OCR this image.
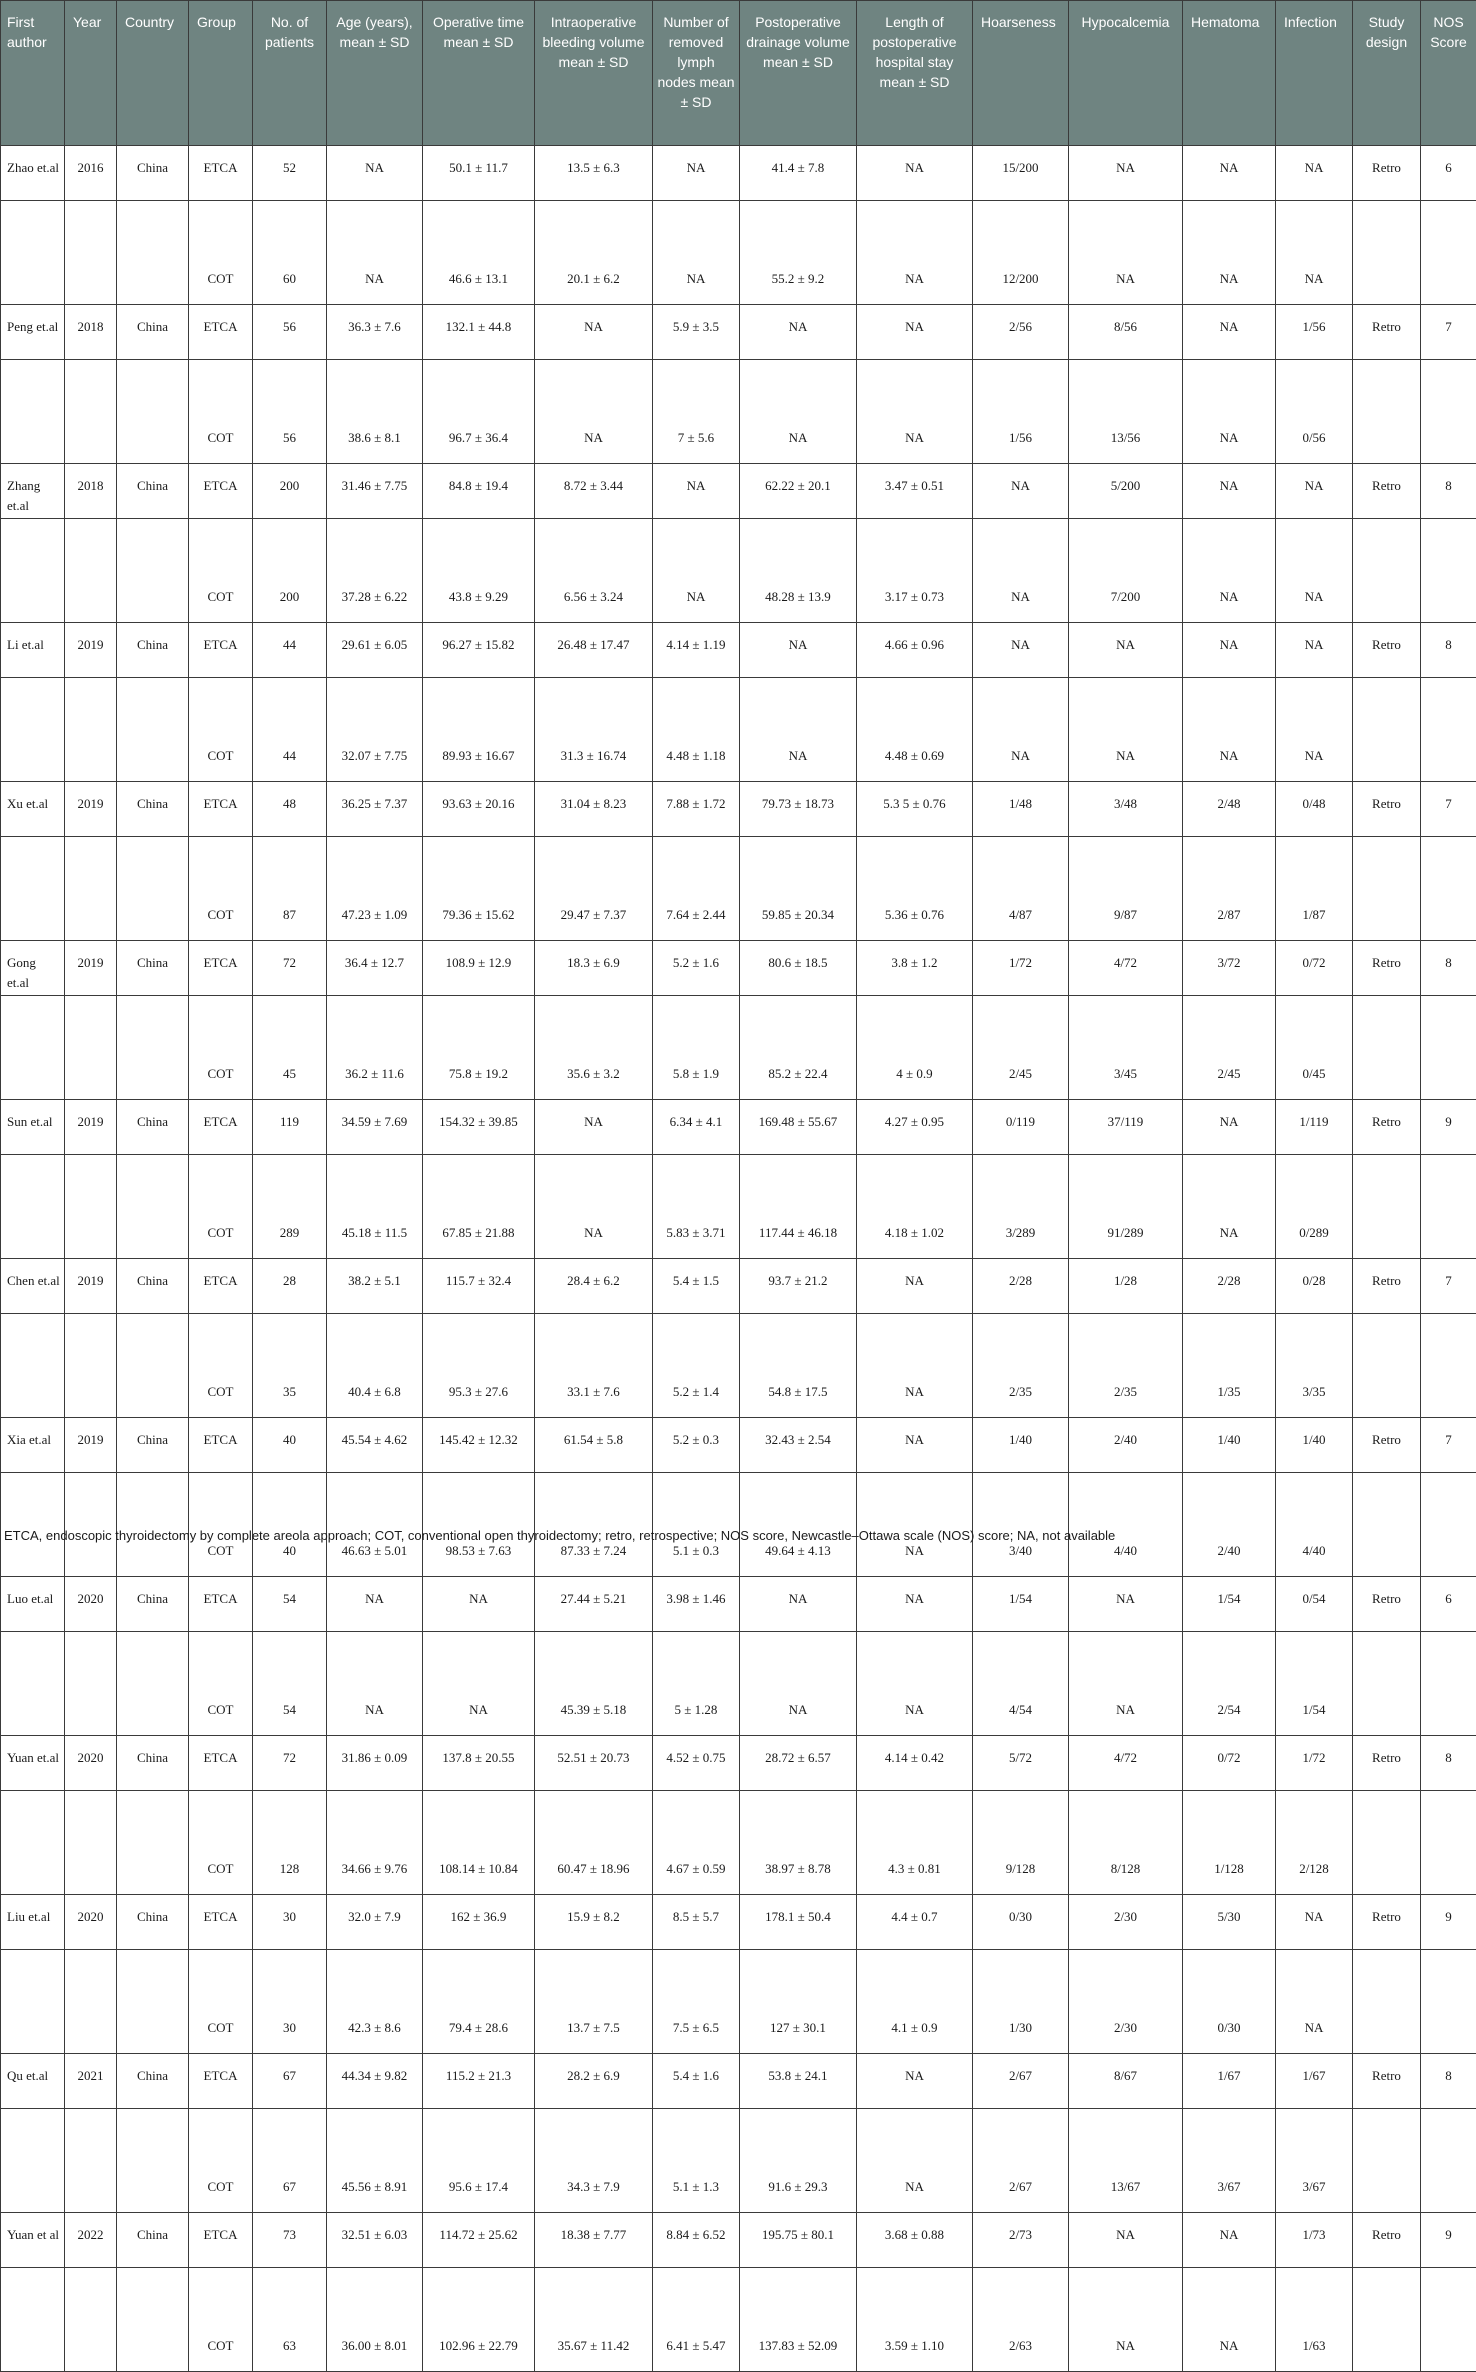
First author	Year	Country	Group	No. of patients	Age (years), mean ± SD	Operative time mean ± SD	Intraoperative bleeding volume mean ± SD	Number of removed lymph nodes mean ± SD	Postoperative drainage volume mean ± SD	Length of postoperative hospital stay mean ± SD	Hoarseness	Hypocalcemia	Hematoma	Infection	Study design	NOS Score
Zhao et.al	2016	China	ETCA	52	NA	50.1 ± 11.7	13.5 ± 6.3	NA	41.4 ± 7.8	NA	15/200	NA	NA	NA	Retro	6
			COT	60	NA	46.6 ± 13.1	20.1 ± 6.2	NA	55.2 ± 9.2	NA	12/200	NA	NA	NA		
Peng et.al	2018	China	ETCA	56	36.3 ± 7.6	132.1 ± 44.8	NA	5.9 ± 3.5	NA	NA	2/56	8/56	NA	1/56	Retro	7
			COT	56	38.6 ± 8.1	96.7 ± 36.4	NA	7 ± 5.6	NA	NA	1/56	13/56	NA	0/56		
Zhang et.al	2018	China	ETCA	200	31.46 ± 7.75	84.8 ± 19.4	8.72 ± 3.44	NA	62.22 ± 20.1	3.47 ± 0.51	NA	5/200	NA	NA	Retro	8
			COT	200	37.28 ± 6.22	43.8 ± 9.29	6.56 ± 3.24	NA	48.28 ± 13.9	3.17 ± 0.73	NA	7/200	NA	NA		
Li et.al	2019	China	ETCA	44	29.61 ± 6.05	96.27 ± 15.82	26.48 ± 17.47	4.14 ± 1.19	NA	4.66 ± 0.96	NA	NA	NA	NA	Retro	8
			COT	44	32.07 ± 7.75	89.93 ± 16.67	31.3 ± 16.74	4.48 ± 1.18	NA	4.48 ± 0.69	NA	NA	NA	NA		
Xu et.al	2019	China	ETCA	48	36.25 ± 7.37	93.63 ± 20.16	31.04 ± 8.23	7.88 ± 1.72	79.73 ± 18.73	5.3 5 ± 0.76	1/48	3/48	2/48	0/48	Retro	7
			COT	87	47.23 ± 1.09	79.36 ± 15.62	29.47 ± 7.37	7.64 ± 2.44	59.85 ± 20.34	5.36 ± 0.76	4/87	9/87	2/87	1/87		
Gong et.al	2019	China	ETCA	72	36.4 ± 12.7	108.9 ± 12.9	18.3 ± 6.9	5.2 ± 1.6	80.6 ± 18.5	3.8 ± 1.2	1/72	4/72	3/72	0/72	Retro	8
			COT	45	36.2 ± 11.6	75.8 ± 19.2	35.6 ± 3.2	5.8 ± 1.9	85.2 ± 22.4	4 ± 0.9	2/45	3/45	2/45	0/45		
Sun et.al	2019	China	ETCA	119	34.59 ± 7.69	154.32 ± 39.85	NA	6.34 ± 4.1	169.48 ± 55.67	4.27 ± 0.95	0/119	37/119	NA	1/119	Retro	9
			COT	289	45.18 ± 11.5	67.85 ± 21.88	NA	5.83 ± 3.71	117.44 ± 46.18	4.18 ± 1.02	3/289	91/289	NA	0/289		
Chen et.al	2019	China	ETCA	28	38.2 ± 5.1	115.7 ± 32.4	28.4 ± 6.2	5.4 ± 1.5	93.7 ± 21.2	NA	2/28	1/28	2/28	0/28	Retro	7
			COT	35	40.4 ± 6.8	95.3 ± 27.6	33.1 ± 7.6	5.2 ± 1.4	54.8 ± 17.5	NA	2/35	2/35	1/35	3/35		
Xia et.al	2019	China	ETCA	40	45.54 ± 4.62	145.42 ± 12.32	61.54 ± 5.8	5.2 ± 0.3	32.43 ± 2.54	NA	1/40	2/40	1/40	1/40	Retro	7
			COT	40	46.63 ± 5.01	98.53 ± 7.63	87.33 ± 7.24	5.1 ± 0.3	49.64 ± 4.13	NA	3/40	4/40	2/40	4/40		
Luo et.al	2020	China	ETCA	54	NA	NA	27.44 ± 5.21	3.98 ± 1.46	NA	NA	1/54	NA	1/54	0/54	Retro	6
			COT	54	NA	NA	45.39 ± 5.18	5 ± 1.28	NA	NA	4/54	NA	2/54	1/54		
Yuan et.al	2020	China	ETCA	72	31.86 ± 0.09	137.8 ± 20.55	52.51 ± 20.73	4.52 ± 0.75	28.72 ± 6.57	4.14 ± 0.42	5/72	4/72	0/72	1/72	Retro	8
			COT	128	34.66 ± 9.76	108.14 ± 10.84	60.47 ± 18.96	4.67 ± 0.59	38.97 ± 8.78	4.3 ± 0.81	9/128	8/128	1/128	2/128		
Liu et.al	2020	China	ETCA	30	32.0 ± 7.9	162 ± 36.9	15.9 ± 8.2	8.5 ± 5.7	178.1 ± 50.4	4.4 ± 0.7	0/30	2/30	5/30	NA	Retro	9
			COT	30	42.3 ± 8.6	79.4 ± 28.6	13.7 ± 7.5	7.5 ± 6.5	127 ± 30.1	4.1 ± 0.9	1/30	2/30	0/30	NA		
Qu et.al	2021	China	ETCA	67	44.34 ± 9.82	115.2 ± 21.3	28.2 ± 6.9	5.4 ± 1.6	53.8 ± 24.1	NA	2/67	8/67	1/67	1/67	Retro	8
			COT	67	45.56 ± 8.91	95.6 ± 17.4	34.3 ± 7.9	5.1 ± 1.3	91.6 ± 29.3	NA	2/67	13/67	3/67	3/67		
Yuan et al	2022	China	ETCA	73	32.51 ± 6.03	114.72 ± 25.62	18.38 ± 7.77	8.84 ± 6.52	195.75 ± 80.1	3.68 ± 0.88	2/73	NA	NA	1/73	Retro	9
			COT	63	36.00 ± 8.01	102.96 ± 22.79	35.67 ± 11.42	6.41 ± 5.47	137.83 ± 52.09	3.59 ± 1.10	2/63	NA	NA	1/63		
ETCA, endoscopic thyroidectomy by complete areola approach; COT, conventional open thyroidectomy; retro, retrospective; NOS score, Newcastle–Ottawa scale (NOS) score; NA, not available
